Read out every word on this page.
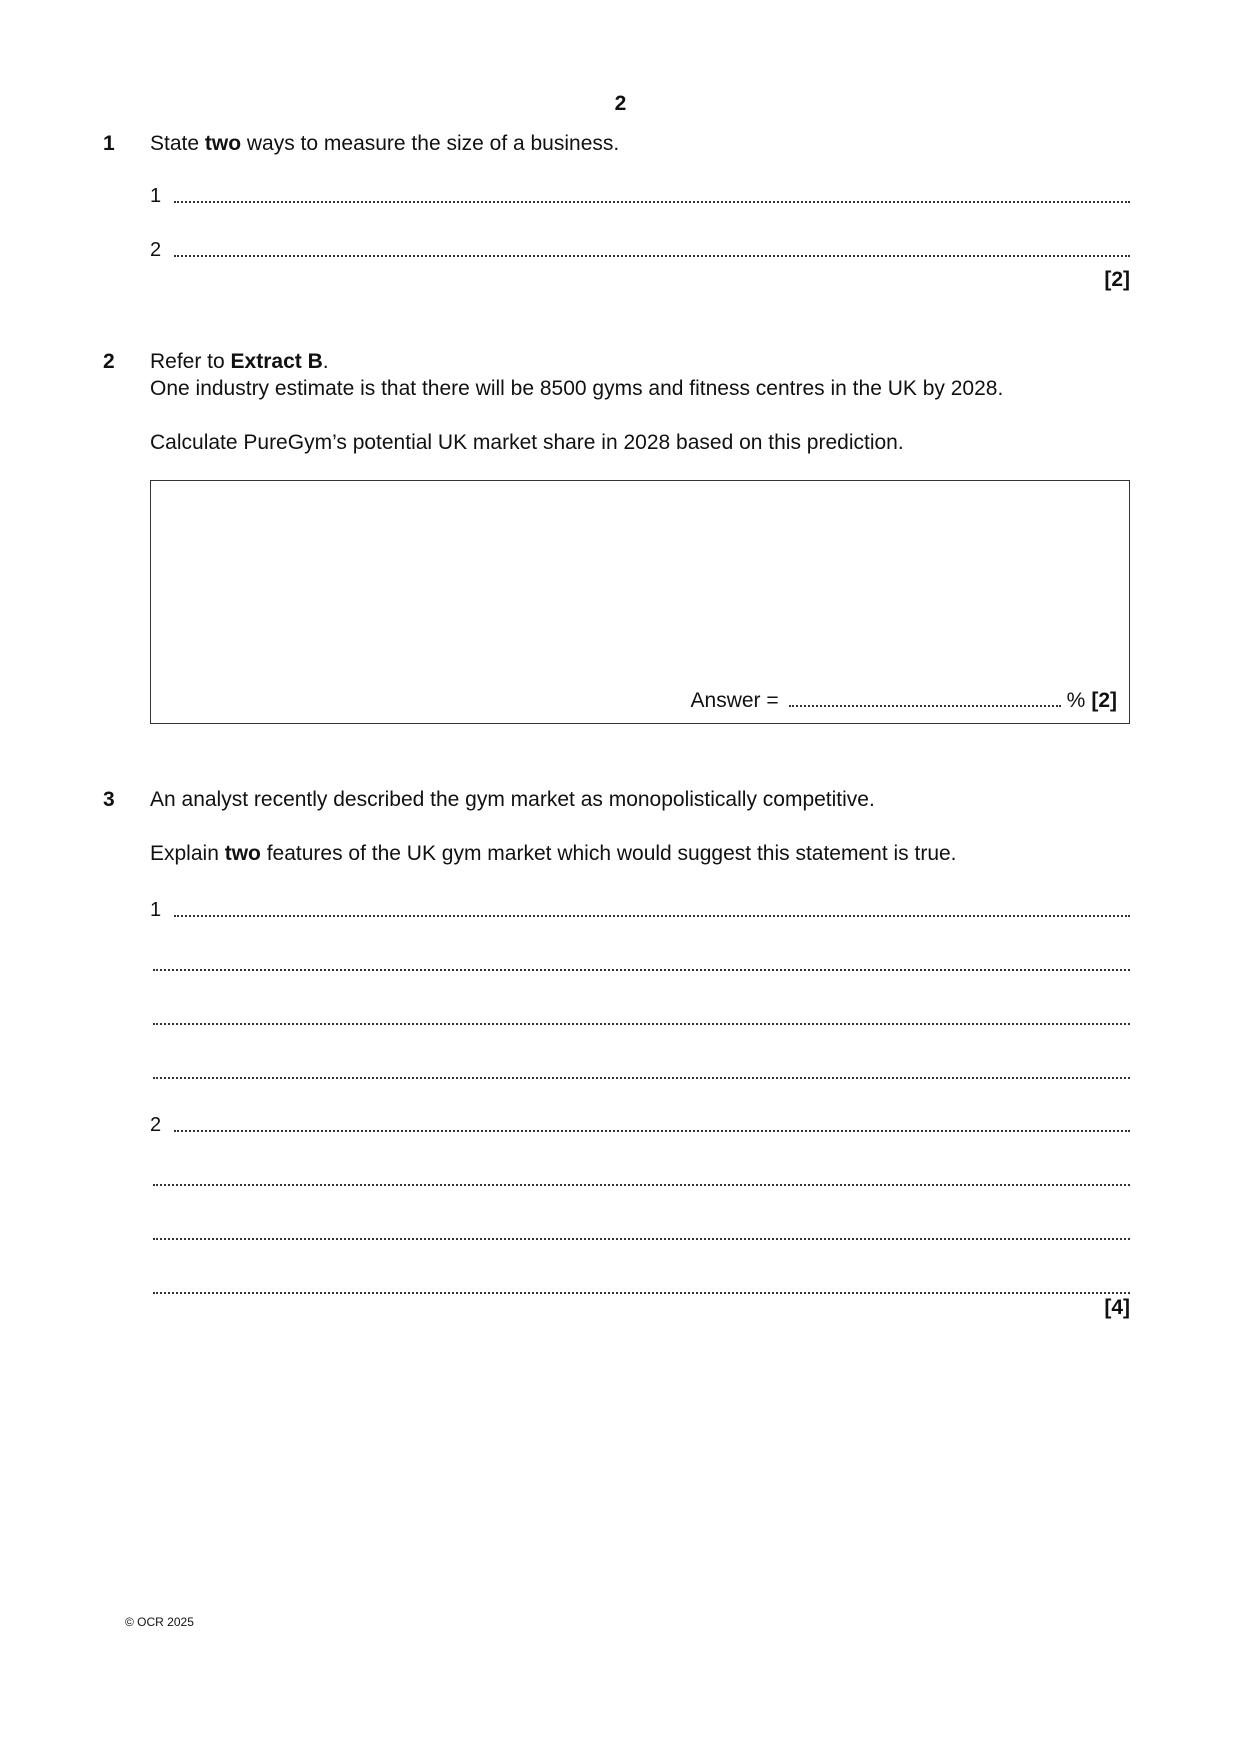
2
1 State two ways to measure the size of a business.
1
2
[2]
2 Refer to Extract B.
One industry estimate is that there will be 8500 gyms and fitness centres in the UK by 2028.
Calculate PureGym’s potential UK market share in 2028 based on this prediction.
Answer =	% [2]
3 An analyst recently described the gym market as monopolistically competitive.
Explain two features of the UK gym market which would suggest this statement is true.
1
2
[4]
© OCR 2025
